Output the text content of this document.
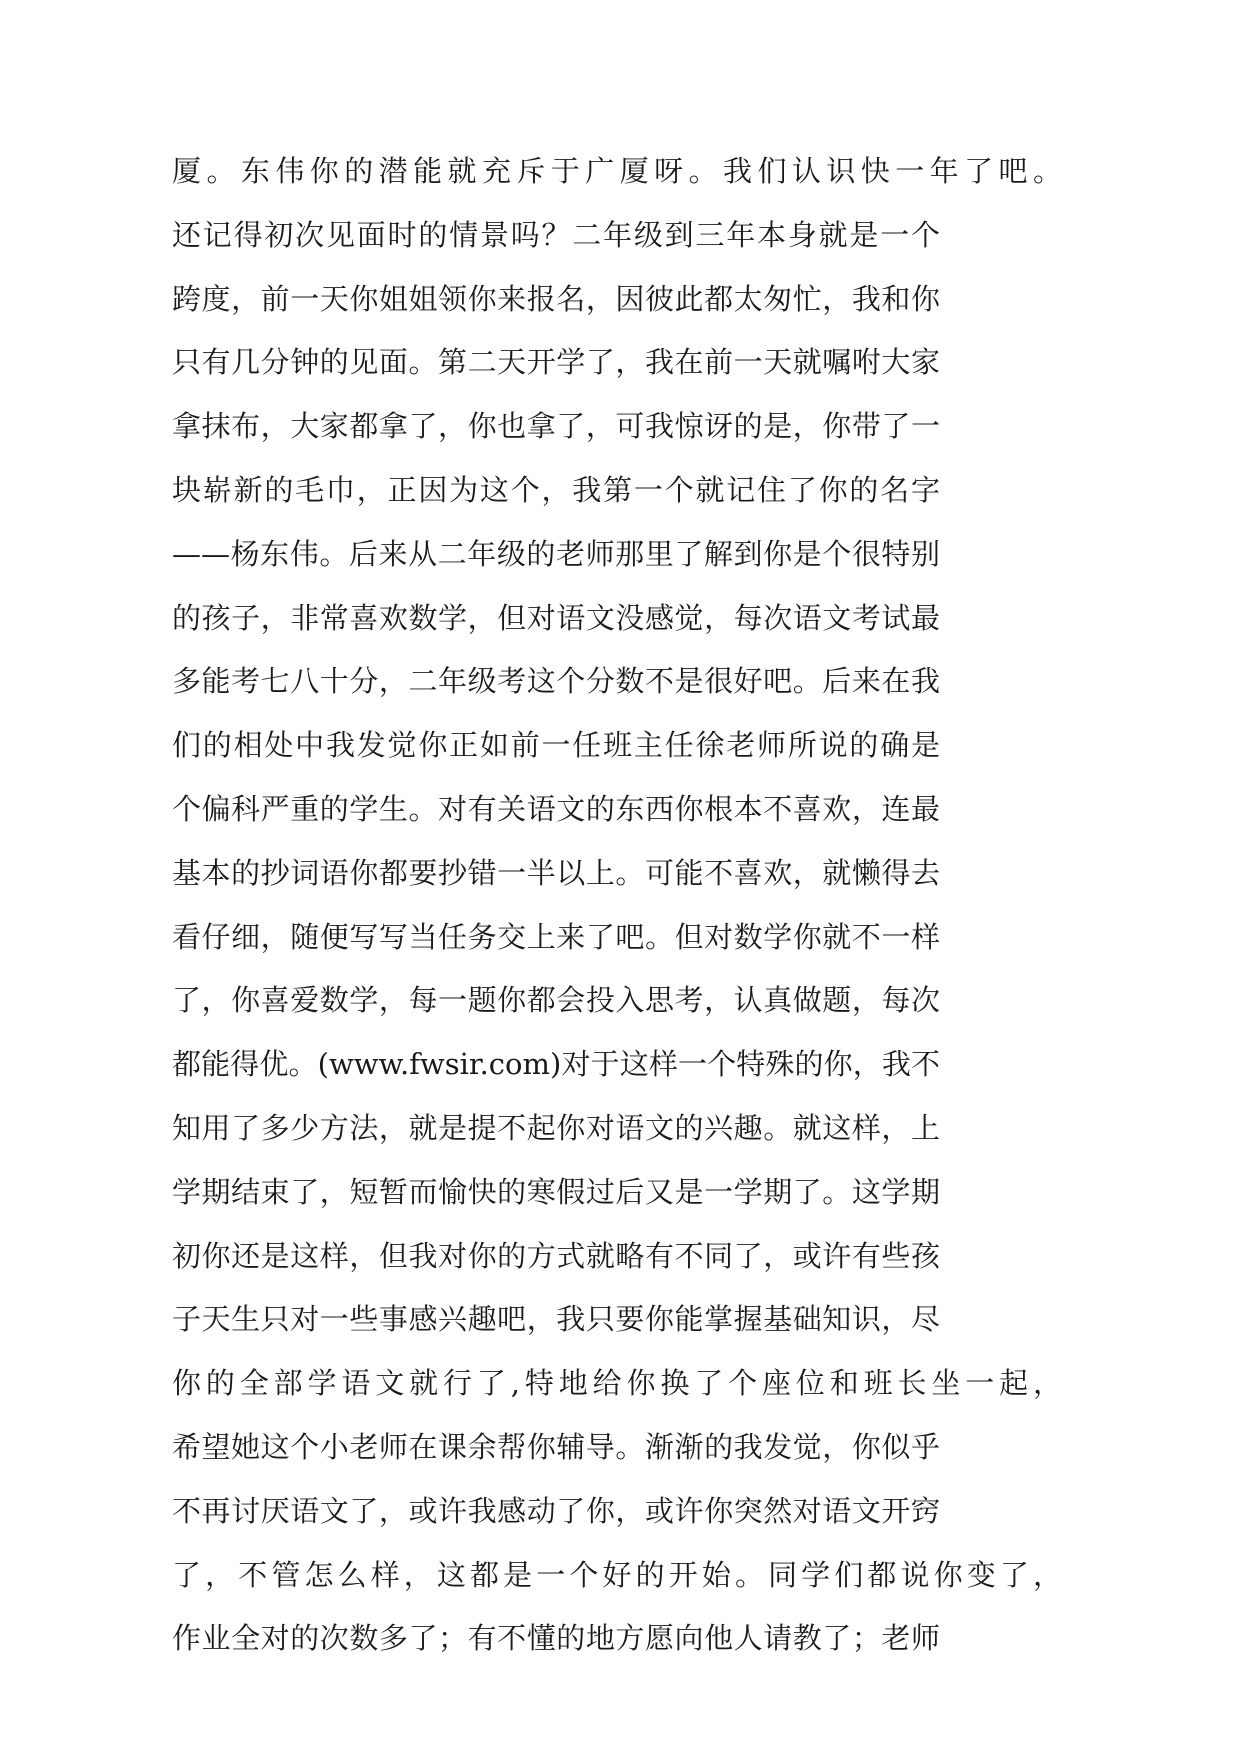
厦。东伟你的潜能就充斥于广厦呀。我们认识快一年了吧。
还记得初次见面时的情景吗？二年级到三年本身就是一个
跨度，前一天你姐姐领你来报名，因彼此都太匆忙，我和你
只有几分钟的见面。第二天开学了，我在前一天就嘱咐大家
拿抹布，大家都拿了，你也拿了，可我惊讶的是，你带了一
块崭新的毛巾，正因为这个，我第一个就记住了你的名字
——杨东伟。后来从二年级的老师那里了解到你是个很特别
的孩子，非常喜欢数学，但对语文没感觉，每次语文考试最
多能考七八十分，二年级考这个分数不是很好吧。后来在我
们的相处中我发觉你正如前一任班主任徐老师所说的确是
个偏科严重的学生。对有关语文的东西你根本不喜欢，连最
基本的抄词语你都要抄错一半以上。可能不喜欢，就懒得去
看仔细，随便写写当任务交上来了吧。但对数学你就不一样
了，你喜爱数学，每一题你都会投入思考，认真做题，每次
都能得优。(www.fwsir.com)对于这样一个特殊的你，我不
知用了多少方法，就是提不起你对语文的兴趣。就这样，上
学期结束了，短暂而愉快的寒假过后又是一学期了。这学期
初你还是这样，但我对你的方式就略有不同了，或许有些孩
子天生只对一些事感兴趣吧，我只要你能掌握基础知识，尽
你的全部学语文就行了,特地给你换了个座位和班长坐一起，
希望她这个小老师在课余帮你辅导。渐渐的我发觉，你似乎
不再讨厌语文了，或许我感动了你，或许你突然对语文开窍
了，不管怎么样，这都是一个好的开始。同学们都说你变了，
作业全对的次数多了；有不懂的地方愿向他人请教了；老师
